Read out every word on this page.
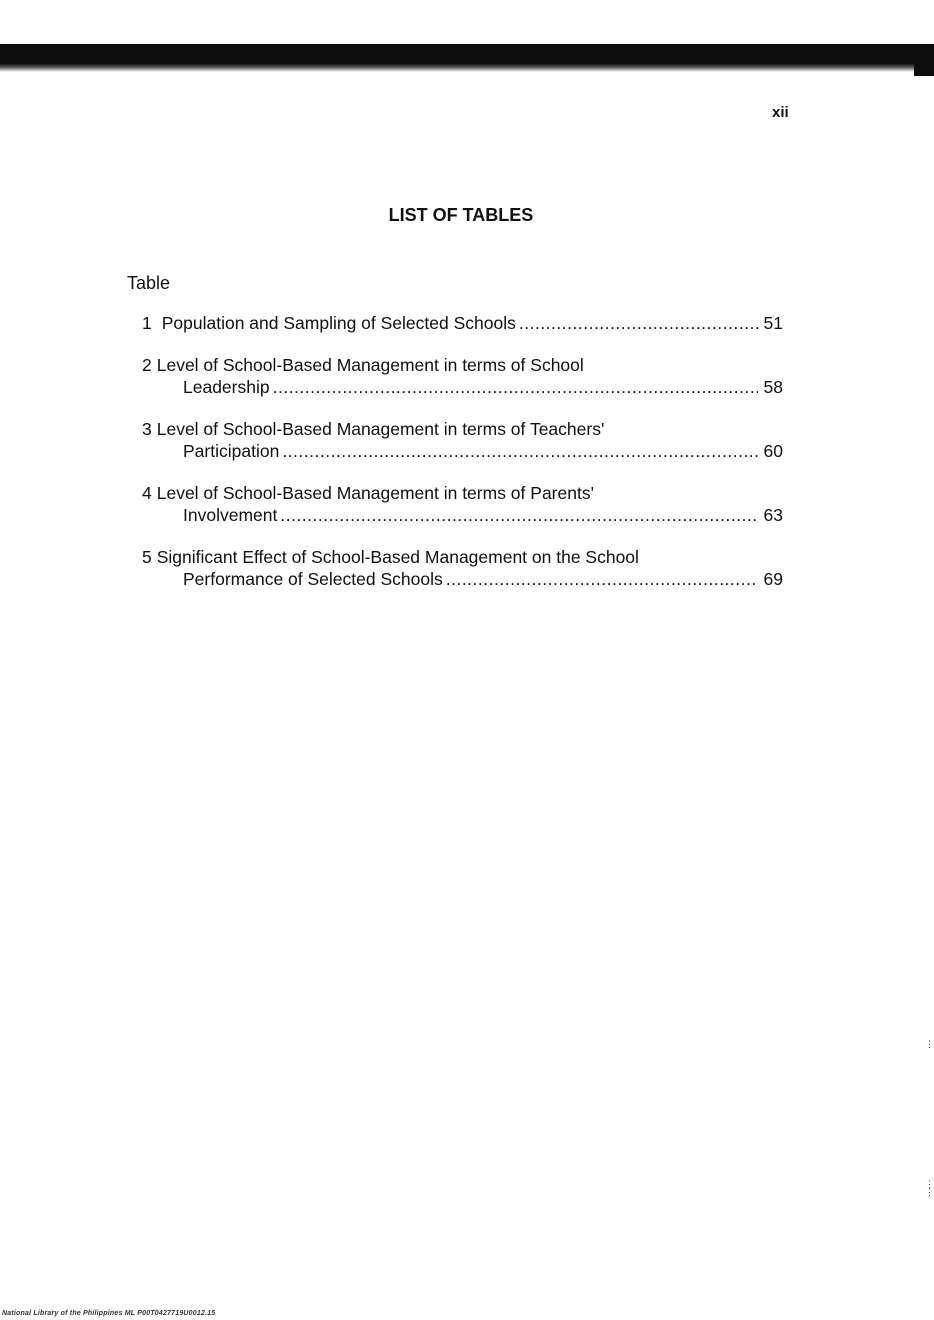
xii

LIST OF TABLES

Table

1 Population and Sampling of Selected Schools .....	51
2 Level of School-Based Management in terms of School
Leadership .....	58
3 Level of School-Based Management in terms of Teachers'
Participation .....	60
4 Level of School-Based Management in terms of Parents'
Involvement .....	63
5 Significant Effect of School-Based Management on the School
Performance of Selected Schools .....	69
⋮
⋮
⋮

National Library of the Philippines ML P00T0427719U0012.15
